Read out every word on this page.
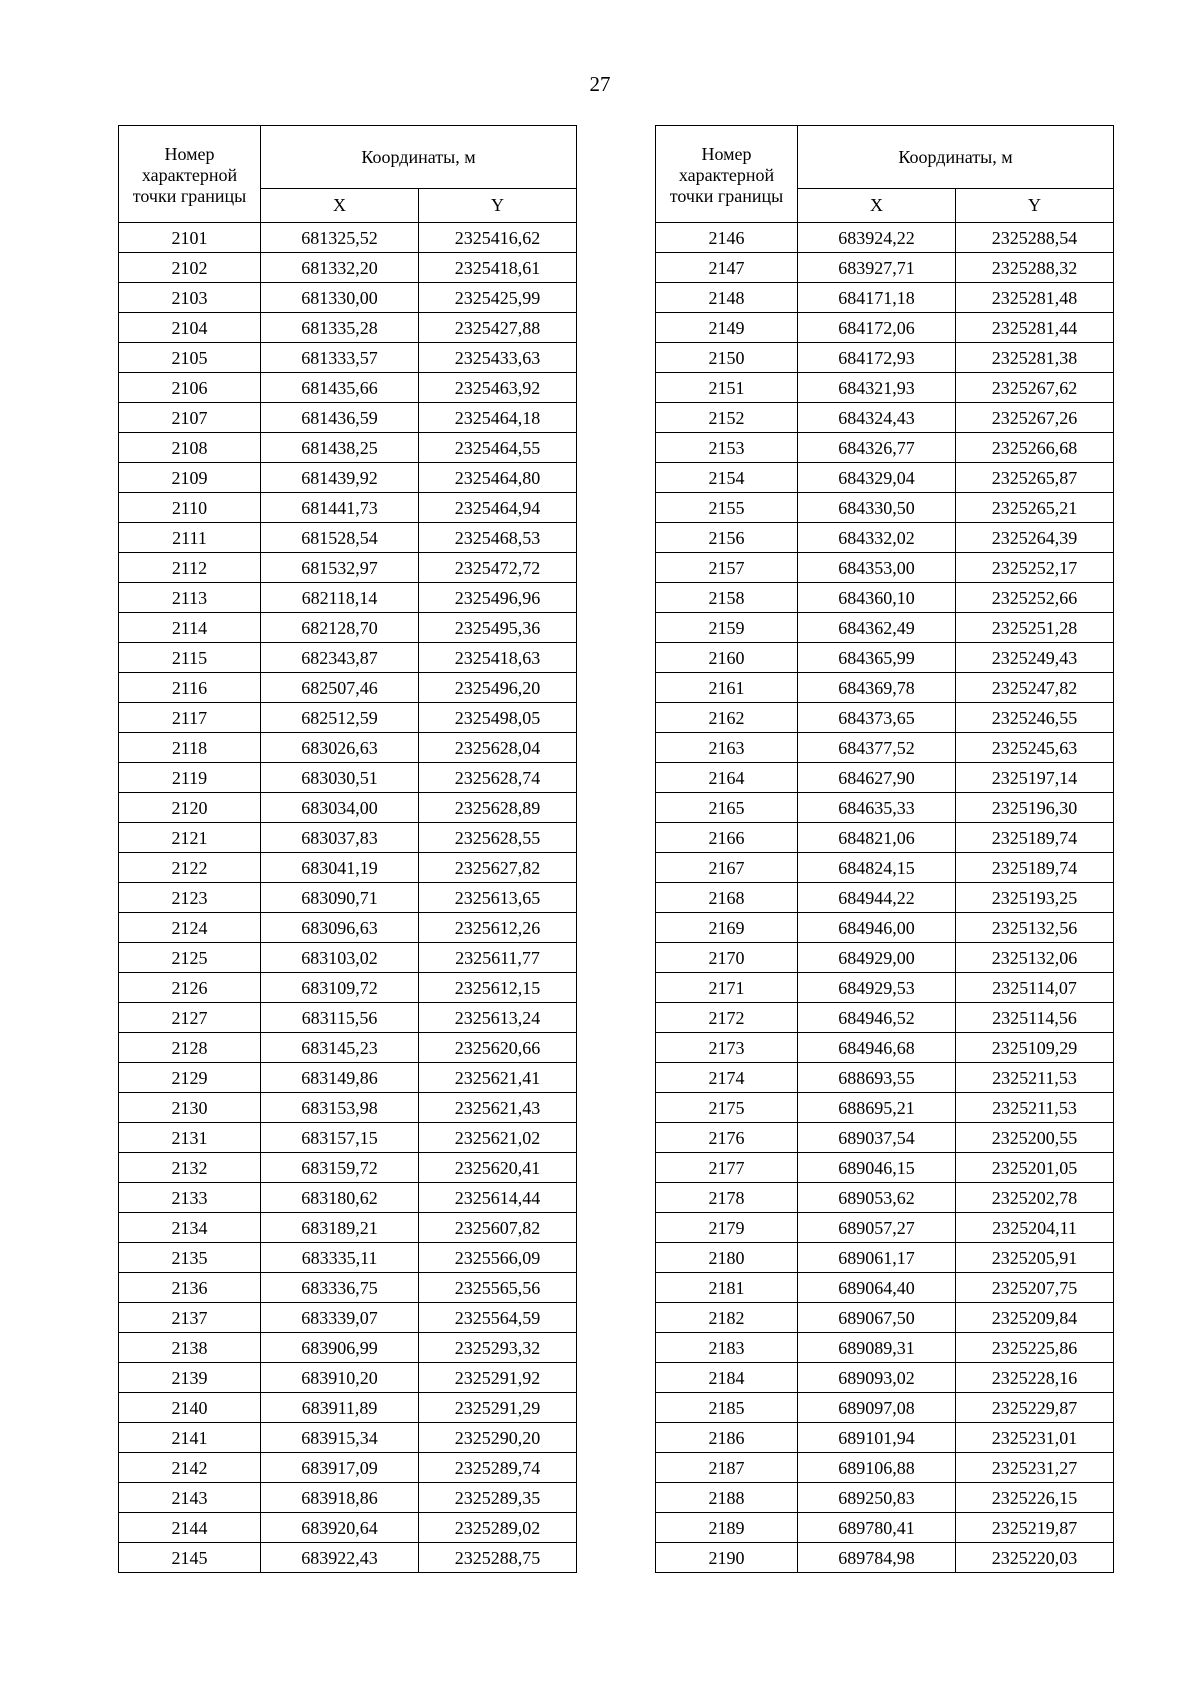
27
Номер характерной точки границы	Координаты, м	
	X	Y
2101	681325,52	2325416,62
2102	681332,20	2325418,61
2103	681330,00	2325425,99
2104	681335,28	2325427,88
2105	681333,57	2325433,63
2106	681435,66	2325463,92
2107	681436,59	2325464,18
2108	681438,25	2325464,55
2109	681439,92	2325464,80
2110	681441,73	2325464,94
2111	681528,54	2325468,53
2112	681532,97	2325472,72
2113	682118,14	2325496,96
2114	682128,70	2325495,36
2115	682343,87	2325418,63
2116	682507,46	2325496,20
2117	682512,59	2325498,05
2118	683026,63	2325628,04
2119	683030,51	2325628,74
2120	683034,00	2325628,89
2121	683037,83	2325628,55
2122	683041,19	2325627,82
2123	683090,71	2325613,65
2124	683096,63	2325612,26
2125	683103,02	2325611,77
2126	683109,72	2325612,15
2127	683115,56	2325613,24
2128	683145,23	2325620,66
2129	683149,86	2325621,41
2130	683153,98	2325621,43
2131	683157,15	2325621,02
2132	683159,72	2325620,41
2133	683180,62	2325614,44
2134	683189,21	2325607,82
2135	683335,11	2325566,09
2136	683336,75	2325565,56
2137	683339,07	2325564,59
2138	683906,99	2325293,32
2139	683910,20	2325291,92
2140	683911,89	2325291,29
2141	683915,34	2325290,20
2142	683917,09	2325289,74
2143	683918,86	2325289,35
2144	683920,64	2325289,02
2145	683922,43	2325288,75
Номер характерной точки границы	Координаты, м	
	X	Y
2146	683924,22	2325288,54
2147	683927,71	2325288,32
2148	684171,18	2325281,48
2149	684172,06	2325281,44
2150	684172,93	2325281,38
2151	684321,93	2325267,62
2152	684324,43	2325267,26
2153	684326,77	2325266,68
2154	684329,04	2325265,87
2155	684330,50	2325265,21
2156	684332,02	2325264,39
2157	684353,00	2325252,17
2158	684360,10	2325252,66
2159	684362,49	2325251,28
2160	684365,99	2325249,43
2161	684369,78	2325247,82
2162	684373,65	2325246,55
2163	684377,52	2325245,63
2164	684627,90	2325197,14
2165	684635,33	2325196,30
2166	684821,06	2325189,74
2167	684824,15	2325189,74
2168	684944,22	2325193,25
2169	684946,00	2325132,56
2170	684929,00	2325132,06
2171	684929,53	2325114,07
2172	684946,52	2325114,56
2173	684946,68	2325109,29
2174	688693,55	2325211,53
2175	688695,21	2325211,53
2176	689037,54	2325200,55
2177	689046,15	2325201,05
2178	689053,62	2325202,78
2179	689057,27	2325204,11
2180	689061,17	2325205,91
2181	689064,40	2325207,75
2182	689067,50	2325209,84
2183	689089,31	2325225,86
2184	689093,02	2325228,16
2185	689097,08	2325229,87
2186	689101,94	2325231,01
2187	689106,88	2325231,27
2188	689250,83	2325226,15
2189	689780,41	2325219,87
2190	689784,98	2325220,03
